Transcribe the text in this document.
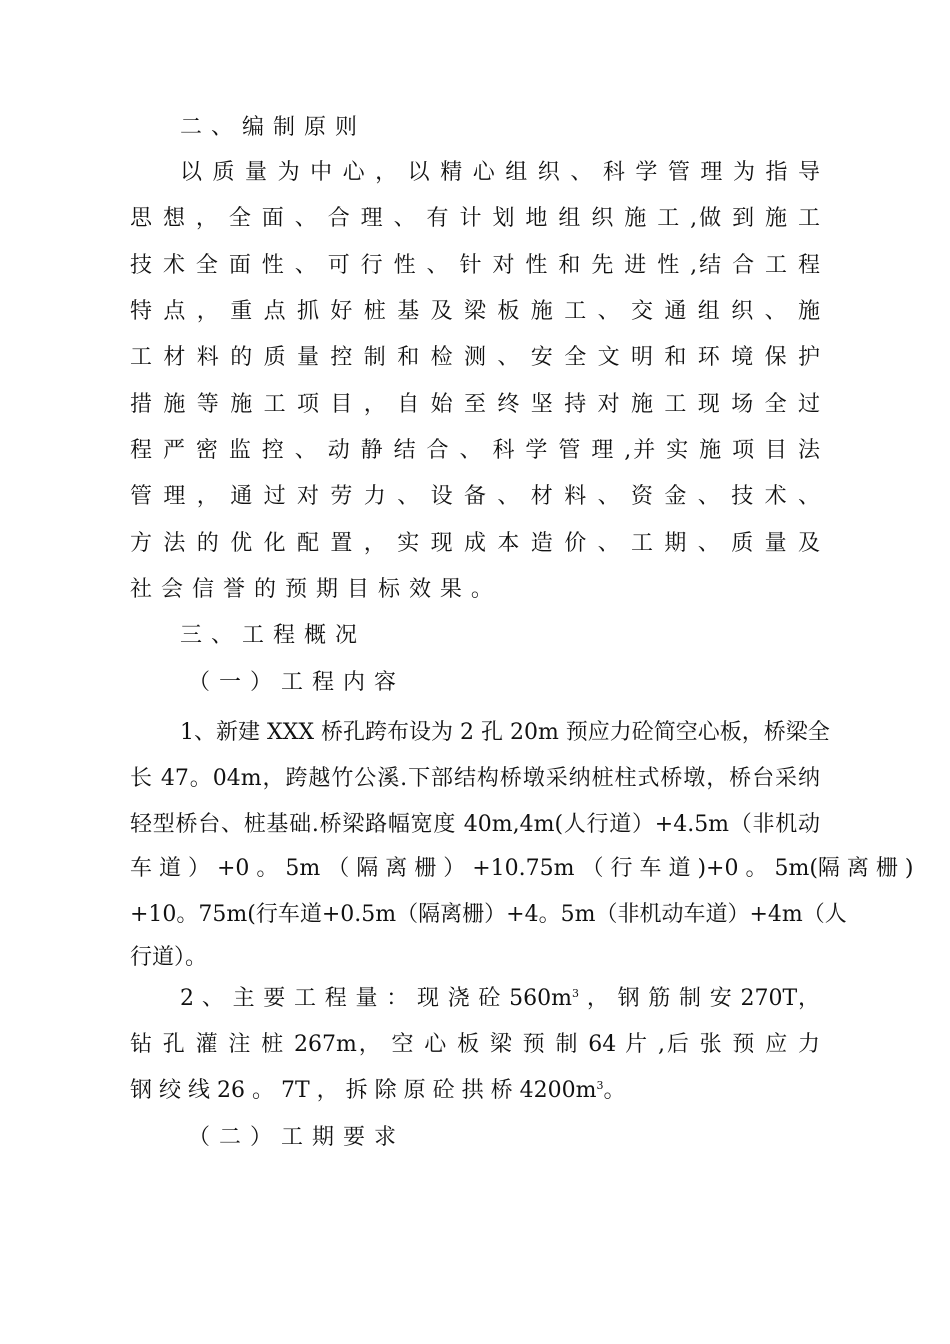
二、编制原则
以 质 量 为 中 心 ， 以 精 心 组 织 、 科 学 管 理 为 指 导
思 想 ， 全 面 、 合 理 、 有 计 划 地 组 织 施 工 ,做 到 施 工
技 术 全 面 性 、 可 行 性 、 针 对 性 和 先 进 性 ,结 合 工 程
特 点 ， 重 点 抓 好 桩 基 及 梁 板 施 工 、 交 通 组 织 、 施
工 材 料 的 质 量 控 制 和 检 测 、 安 全 文 明 和 环 境 保 护
措 施 等 施 工 项 目 ， 自 始 至 终 坚 持 对 施 工 现 场 全 过
程 严 密 监 控 、 动 静 结 合 、 科 学 管 理 ,并 实 施 项 目 法
管 理 ， 通 过 对 劳 力 、 设 备 、 材 料 、 资 金 、 技 术 、
方 法 的 优 化 配 置 ， 实 现 成 本 造 价 、 工 期 、 质 量 及
社 会 信 誉 的 预 期 目 标 效 果 。
三、工程概况
（一）工程内容
1、新建 XXX 桥孔跨布设为 2 孔 20m 预应力砼简空心板，桥梁全
长 47。04m，跨越竹公溪.下部结构桥墩采纳桩柱式桥墩，桥台采纳
轻型桥台、桩基础.桥梁路幅宽度 40m,4m(人行道）+4.5m（非机动
车 道 ） +0 。 5m （ 隔 离 栅 ） +10.75m （ 行 车 道 )+0 。 5m(隔 离 栅 )
+10。75m(行车道+0.5m（隔离栅）+4。5m（非机动车道）+4m（人
行道）。
2 、 主 要 工 程 量 ： 现 浇 砼 $560m^3$ ， 钢 筋 制 安 270T，
钻 孔 灌 注 桩 267m， 空 心 板 梁 预 制 64 片 ,后 张 预 应 力
钢 绞 线 26 。 7T ， 拆 除 原 砼 拱 桥 $4200m^3$。
（二）工期要求
